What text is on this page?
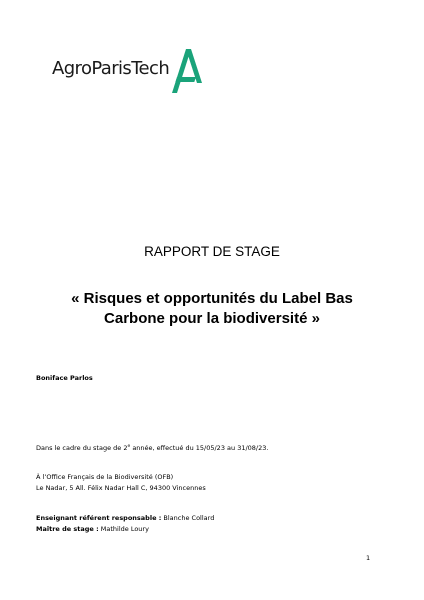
AgroParisTech
RAPPORT DE STAGE
« Risques et opportunités du Label Bas
Carbone pour la biodiversité »
Boniface Parlos
Dans le cadre du stage de 2e année, effectué du 15/05/23 au 31/08/23.
À l’Office Français de la Biodiversité (OFB)
Le Nadar, 5 All. Félix Nadar Hall C, 94300 Vincennes
Enseignant référent responsable : Blanche Collard
Maître de stage : Mathilde Loury
1
